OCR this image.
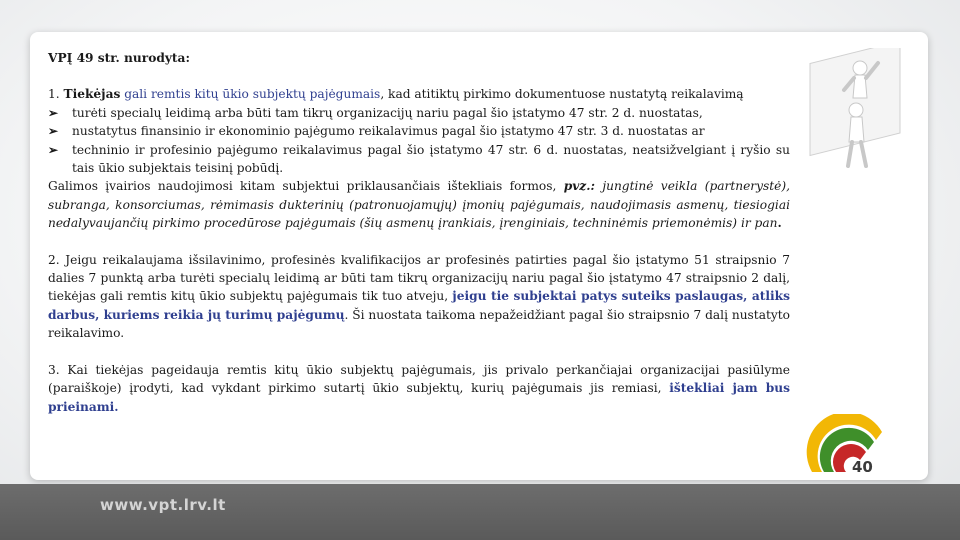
VPĮ 49 str. nurodyta:

1. Tiekėjas gali remtis kitų ūkio subjektų pajėgumais, kad atitiktų pirkimo dokumentuose nustatytą reikalavimą

➢	turėti specialų leidimą arba būti tam tikrų organizacijų nariu pagal šio įstatymo 47 str. 2 d. nuostatas,

➢	nustatytus finansinio ir ekonominio pajėgumo reikalavimus pagal šio įstatymo 47 str. 3 d. nuostatas ar

➢	techninio ir profesinio pajėgumo reikalavimus pagal šio įstatymo 47 str. 6 d. nuostatas, neatsižvelgiant į ryšio su tais ūkio subjektais teisinį pobūdį.

Galimos įvairios naudojimosi kitam subjektui priklausančiais ištekliais formos, pvz.: jungtinė veikla (partnerystė), subranga, konsorciumas, rėmimasis dukterinių (patronuojamųjų) įmonių pajėgumais, naudojimasis asmenų, tiesiogiai nedalyvaujančių pirkimo procedūrose pajėgumais (šių asmenų įrankiais, įrenginiais, techninėmis priemonėmis) ir pan.

2. Jeigu reikalaujama išsilavinimo, profesinės kvalifikacijos ar profesinės patirties pagal šio įstatymo 51 straipsnio 7 dalies 7 punktą arba turėti specialų leidimą ar būti tam tikrų organizacijų nariu pagal šio įstatymo 47 straipsnio 2 dalį, tiekėjas gali remtis kitų ūkio subjektų pajėgumais tik tuo atveju, jeigu tie subjektai patys suteiks paslaugas, atliks darbus, kuriems reikia jų turimų pajėgumų. Ši nuostata taikoma nepažeidžiant pagal šio straipsnio 7 dalį nustatyto reikalavimo.

3. Kai tiekėjas pageidauja remtis kitų ūkio subjektų pajėgumais, jis privalo perkančiajai organizacijai pasiūlyme (paraiškoje) įrodyti, kad vykdant pirkimo sutartį ūkio subjektų, kurių pajėgumais jis remiasi, ištekliai jam bus prieinami.

40
www.vpt.lrv.lt
